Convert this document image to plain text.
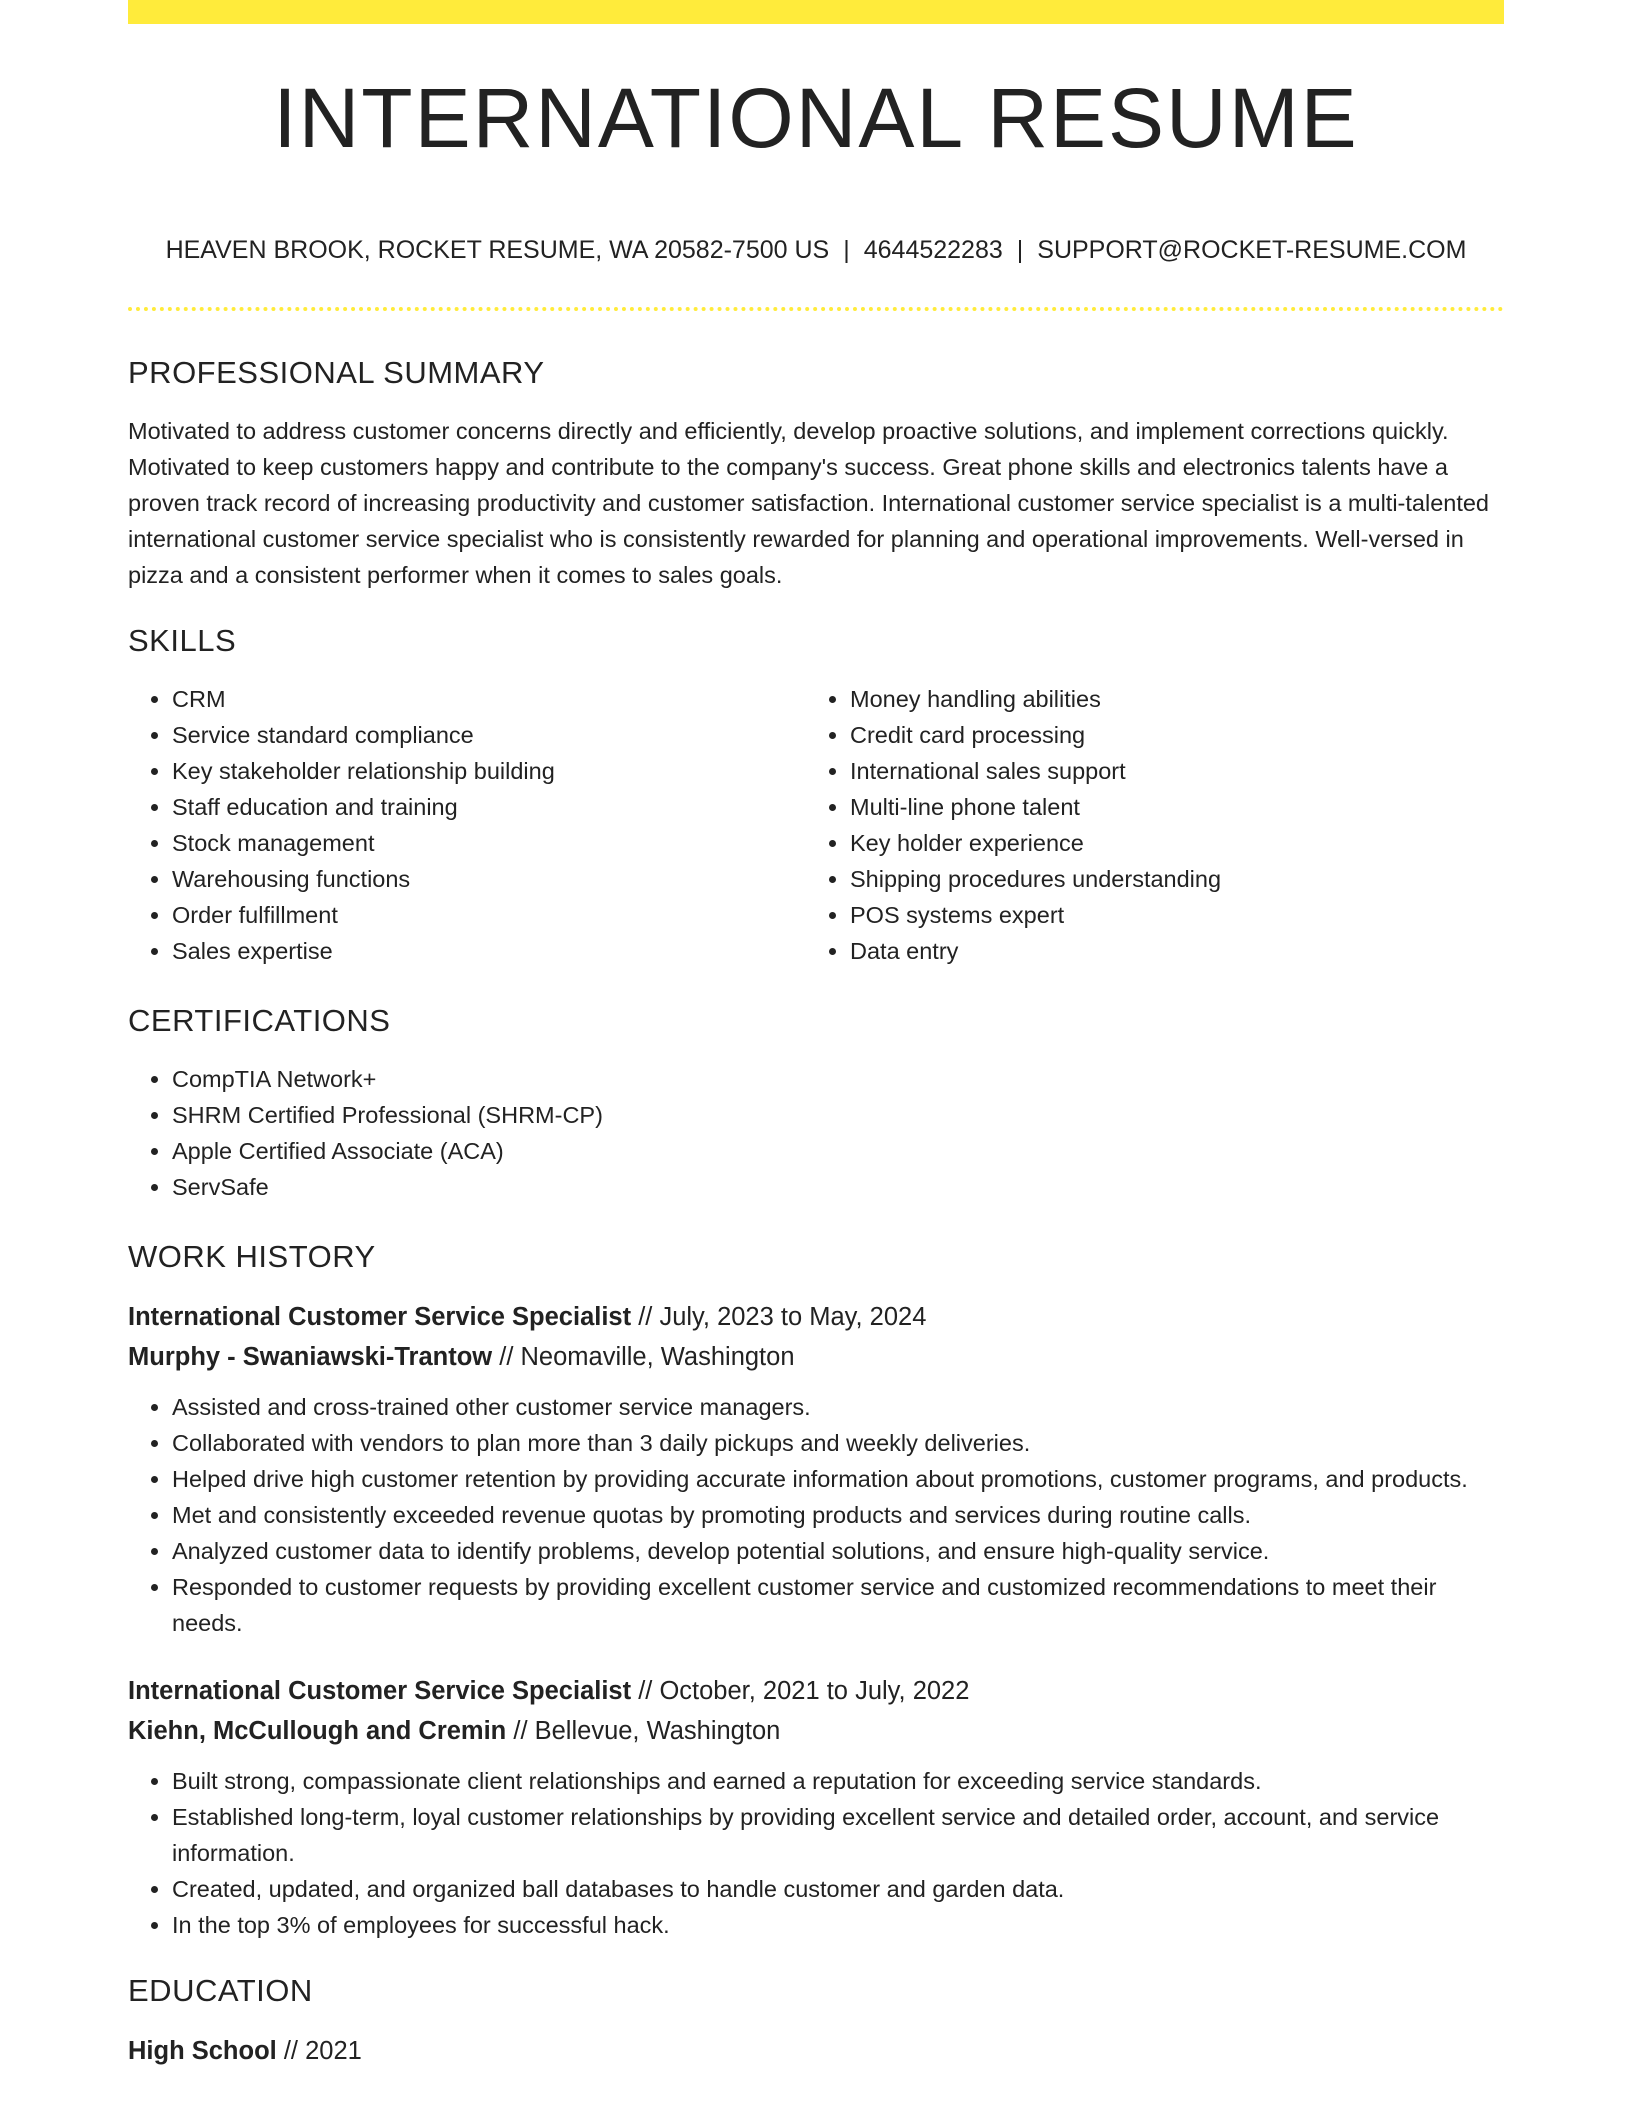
INTERNATIONAL RESUME
HEAVEN BROOK, ROCKET RESUME, WA 20582-7500 US | 4644522283 | SUPPORT@ROCKET-RESUME.COM
PROFESSIONAL SUMMARY

Motivated to address customer concerns directly and efficiently, develop proactive solutions, and implement corrections quickly. Motivated to keep customers happy and contribute to the company's success. Great phone skills and electronics talents have a proven track record of increasing productivity and customer satisfaction. International customer service specialist is a multi-talented international customer service specialist who is consistently rewarded for planning and operational improvements. Well-versed in pizza and a consistent performer when it comes to sales goals.

SKILLS
• CRM
• Service standard compliance
• Key stakeholder relationship building
• Staff education and training
• Stock management
• Warehousing functions
• Order fulfillment
• Sales expertise
• Money handling abilities
• Credit card processing
• International sales support
• Multi-line phone talent
• Key holder experience
• Shipping procedures understanding
• POS systems expert
• Data entry
CERTIFICATIONS
• CompTIA Network+
• SHRM Certified Professional (SHRM-CP)
• Apple Certified Associate (ACA)
• ServSafe
WORK HISTORY
International Customer Service Specialist // July, 2023 to May, 2024
Murphy - Swaniawski-Trantow // Neomaville, Washington
• Assisted and cross-trained other customer service managers.
• Collaborated with vendors to plan more than 3 daily pickups and weekly deliveries.
• Helped drive high customer retention by providing accurate information about promotions, customer programs, and products.
• Met and consistently exceeded revenue quotas by promoting products and services during routine calls.
• Analyzed customer data to identify problems, develop potential solutions, and ensure high-quality service.
• Responded to customer requests by providing excellent customer service and customized recommendations to meet their needs.
International Customer Service Specialist // October, 2021 to July, 2022
Kiehn, McCullough and Cremin // Bellevue, Washington
• Built strong, compassionate client relationships and earned a reputation for exceeding service standards.
• Established long-term, loyal customer relationships by providing excellent service and detailed order, account, and service information.
• Created, updated, and organized ball databases to handle customer and garden data.
• In the top 3% of employees for successful hack.
EDUCATION
High School // 2021
